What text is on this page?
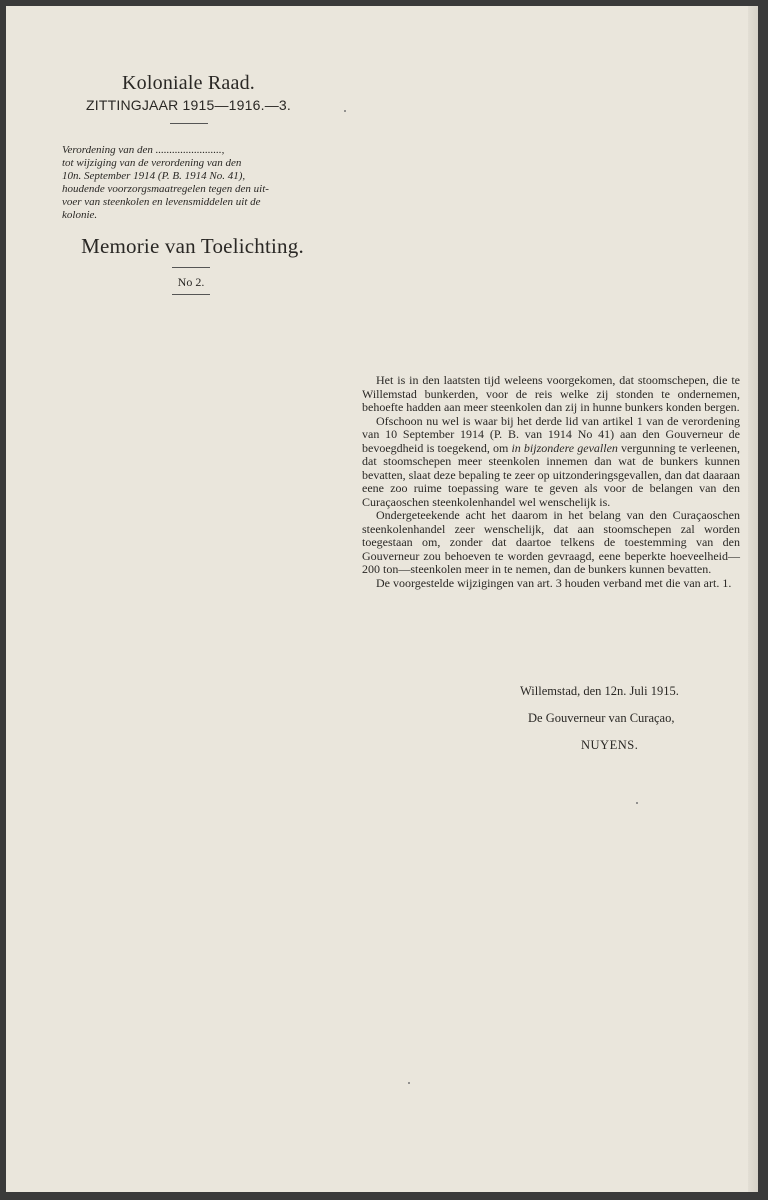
Koloniale Raad.
ZITTINGJAAR 1915—1916.—3.
Verordening van den ........................,
tot wijziging van de verordening van den
10n. September 1914 (P. B. 1914 No. 41),
houdende voorzorgsmaatregelen tegen den uit-
voer van steenkolen en levensmiddelen uit de
kolonie.
Memorie van Toelichting.
No 2.

Het is in den laatsten tijd weleens voorgekomen, dat stoomschepen, die te Willemstad bunkerden, voor de reis welke zij stonden te ondernemen, behoefte hadden aan meer steenkolen dan zij in hunne bunkers konden bergen.

Ofschoon nu wel is waar bij het derde lid van artikel 1 van de verordening van 10 September 1914 (P. B. van 1914 No 41) aan den Gouverneur de bevoegdheid is toegekend, om in bijzondere gevallen vergunning te verleenen, dat stoomschepen meer steenkolen innemen dan wat de bunkers kunnen bevatten, slaat deze bepaling te zeer op uitzonderingsgevallen, dan dat daaraan eene zoo ruime toepassing ware te geven als voor de belangen van den Curaçaoschen steenkolenhandel wel wenschelijk is.

Ondergeteekende acht het daarom in het belang van den Curaçaoschen steenkolenhandel zeer wenschelijk, dat aan stoomschepen zal worden toegestaan om, zonder dat daartoe telkens de toestemming van den Gouverneur zou behoeven te worden gevraagd, eene beperkte hoeveelheid—200 ton—steenkolen meer in te nemen, dan de bunkers kunnen bevatten.

De voorgestelde wijzigingen van art. 3 houden verband met die van art. 1.

Willemstad, den 12n. Juli 1915.
De Gouverneur van Curaçao,
NUYENS.
